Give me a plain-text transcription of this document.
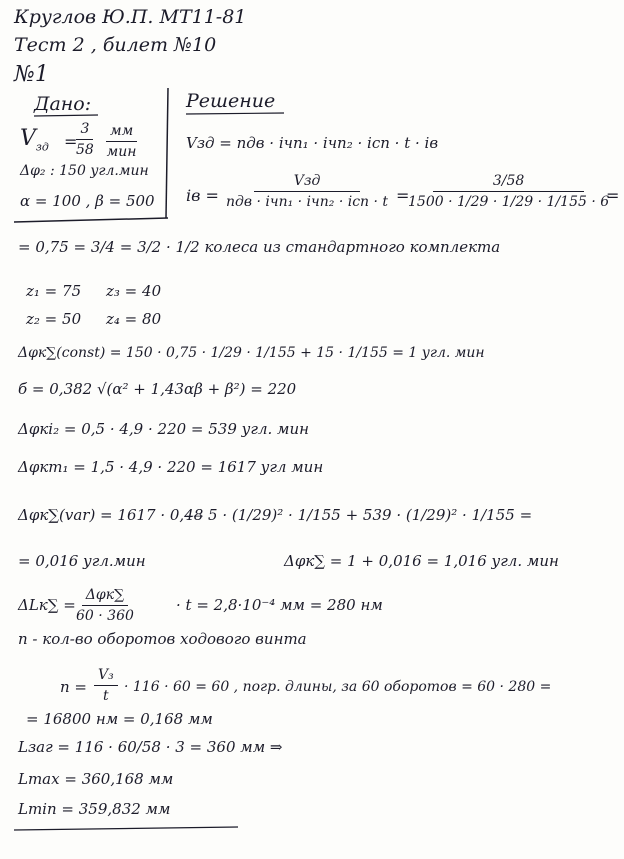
Круглов Ю.П. МТ11-81
Тест 2 , билет №10
№1
Дано:
$V_{зд}$ =
$\frac{3}{58}$ мм
мин
Δφ₂ : 150 угл.мин
α = 100 , β = 500
Решение
Vзд = nдв · iчп₁ · iчп₂ · iсп · t · iв
iв =
Vзд
nдв · iчп₁ · iчп₂ · iсп · t =
$\frac{3/58}{1500 \cdot 1/29 \cdot 1/29 \cdot 1/155 \cdot 6}$
=
= 0,75 = 3/4 = 3/2 · 1/2 колеса из стандартного комплекта
z₁ = 75 z₃ = 40
z₂ = 50 z₄ = 80
Δφк∑(const) = 150 · 0,75 · 1/29 · 1/155 + 15 · 1/155 = 1 угл. мин
б = 0,382 √(α² + 1,43αβ + β²) = 220
Δφкi₂ = 0,5 · 4,9 · 220 = 539 угл. мин
Δφкт₁ = 1,5 · 4,9 · 220 = 1617 угл мин
Δφк∑(var) = 1617 · 0,4̶8̶ 5 · (1/29)² · 1/155 + 539 · (1/29)² · 1/155 =
= 0,016 угл.мин	Δφк∑ = 1 + 0,016 = 1,016 угл. мин
ΔLк∑ =
Δφк∑
60 · 360
· t = 2,8·10⁻⁴ мм = 280 нм
n - кол-во оборотов ходового винта
$n = \frac{\text{V₃}}{t} \cdot 116 \cdot 60 = 60$ , погр. длины, за 60 оборотов = 60 · 280 =
= 16800 нм = 0,168 мм
Lзаг = 116 · 60/58 · 3 = 360 мм ⇒
Lmax = 360,168 мм
Lmin = 359,832 мм
